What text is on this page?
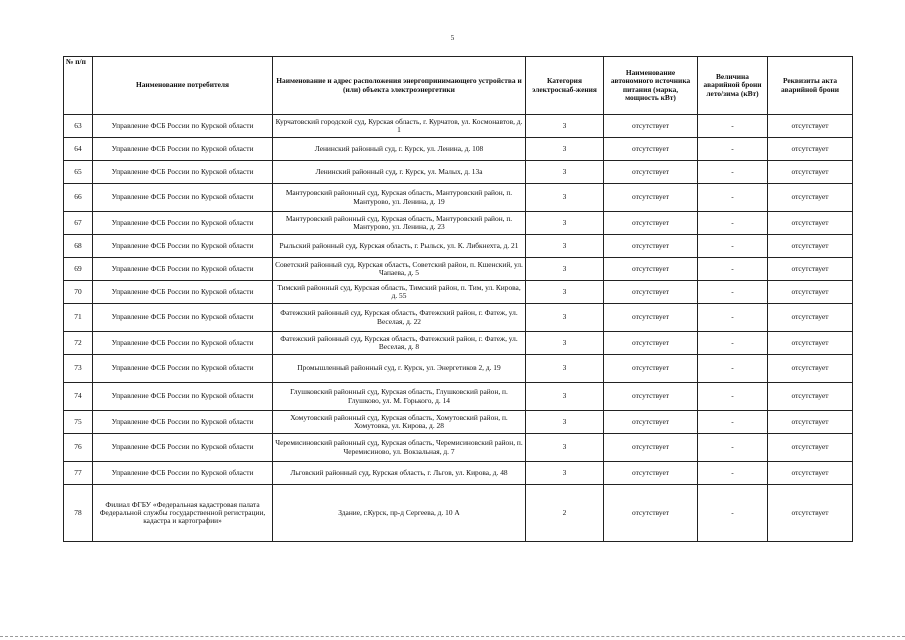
5
№ п/п	Наименование потребителя	Наименование и адрес расположения энергопринимающего устройства и (или) объекта электроэнергетики	Категория электроснаб-жения	Наименование автономного источника питания (марка, мощность кВт)	Величина аварийной брони лето/зима (кВт)	Реквизиты акта аварийной брони
63	Управление ФСБ России по Курской области	Курчатовский городской суд, Курская область, г. Курчатов, ул. Космонавтов, д. 1	3	отсутствует	-	отсутствует
64	Управление ФСБ России по Курской области	Ленинский районный суд, г. Курск, ул. Ленина, д. 108	3	отсутствует	-	отсутствует
65	Управление ФСБ России по Курской области	Ленинский районный суд, г. Курск, ул. Малых, д. 13а	3	отсутствует	-	отсутствует
66	Управление ФСБ России по Курской области	Мантуровский районный суд, Курская область, Мантуровский район, п. Мантурово, ул. Ленина, д. 19	3	отсутствует	-	отсутствует
67	Управление ФСБ России по Курской области	Мантуровский районный суд, Курская область, Мантуровский район, п. Мантурово, ул. Ленина, д. 23	3	отсутствует	-	отсутствует
68	Управление ФСБ России по Курской области	Рыльский районный суд, Курская область, г. Рыльск, ул. К. Либкнехта, д. 21	3	отсутствует	-	отсутствует
69	Управление ФСБ России по Курской области	Советский районный суд, Курская область, Советский район, п. Кшенский, ул. Чапаева, д. 5	3	отсутствует	-	отсутствует
70	Управление ФСБ России по Курской области	Тимский районный суд, Курская область, Тимский район, п. Тим, ул. Кирова, д. 55	3	отсутствует	-	отсутствует
71	Управление ФСБ России по Курской области	Фатежский районный суд, Курская область, Фатежский район, г. Фатеж, ул. Веселая, д. 22	3	отсутствует	-	отсутствует
72	Управление ФСБ России по Курской области	Фатежский районный суд, Курская область, Фатежский район, г. Фатеж, ул. Веселая, д. 8	3	отсутствует	-	отсутствует
73	Управление ФСБ России по Курской области	Промышленный районный суд, г. Курск, ул. Энергетиков 2, д. 19	3	отсутствует	-	отсутствует
74	Управление ФСБ России по Курской области	Глушковский районный суд, Курская область, Глушковский район, п. Глушково, ул. М. Горького, д. 14	3	отсутствует	-	отсутствует
75	Управление ФСБ России по Курской области	Хомутовский районный суд, Курская область, Хомутовский район, п. Хомутовка, ул. Кирова, д. 28	3	отсутствует	-	отсутствует
76	Управление ФСБ России по Курской области	Черемисиновский районный суд, Курская область, Черемисиновский район, п. Черемисиново, ул. Вокзальная, д. 7	3	отсутствует	-	отсутствует
77	Управление ФСБ России по Курской области	Льговский районный суд, Курская область, г. Льгов, ул. Кирова, д. 48	3	отсутствует	-	отсутствует
78	Филиал ФГБУ «Федеральная кадастровая палата Федеральной службы государственной регистрации, кадастра и картографии»	Здание, г.Курск, пр-д Сергеева, д. 10 А	2	отсутствует	-	отсутствует
